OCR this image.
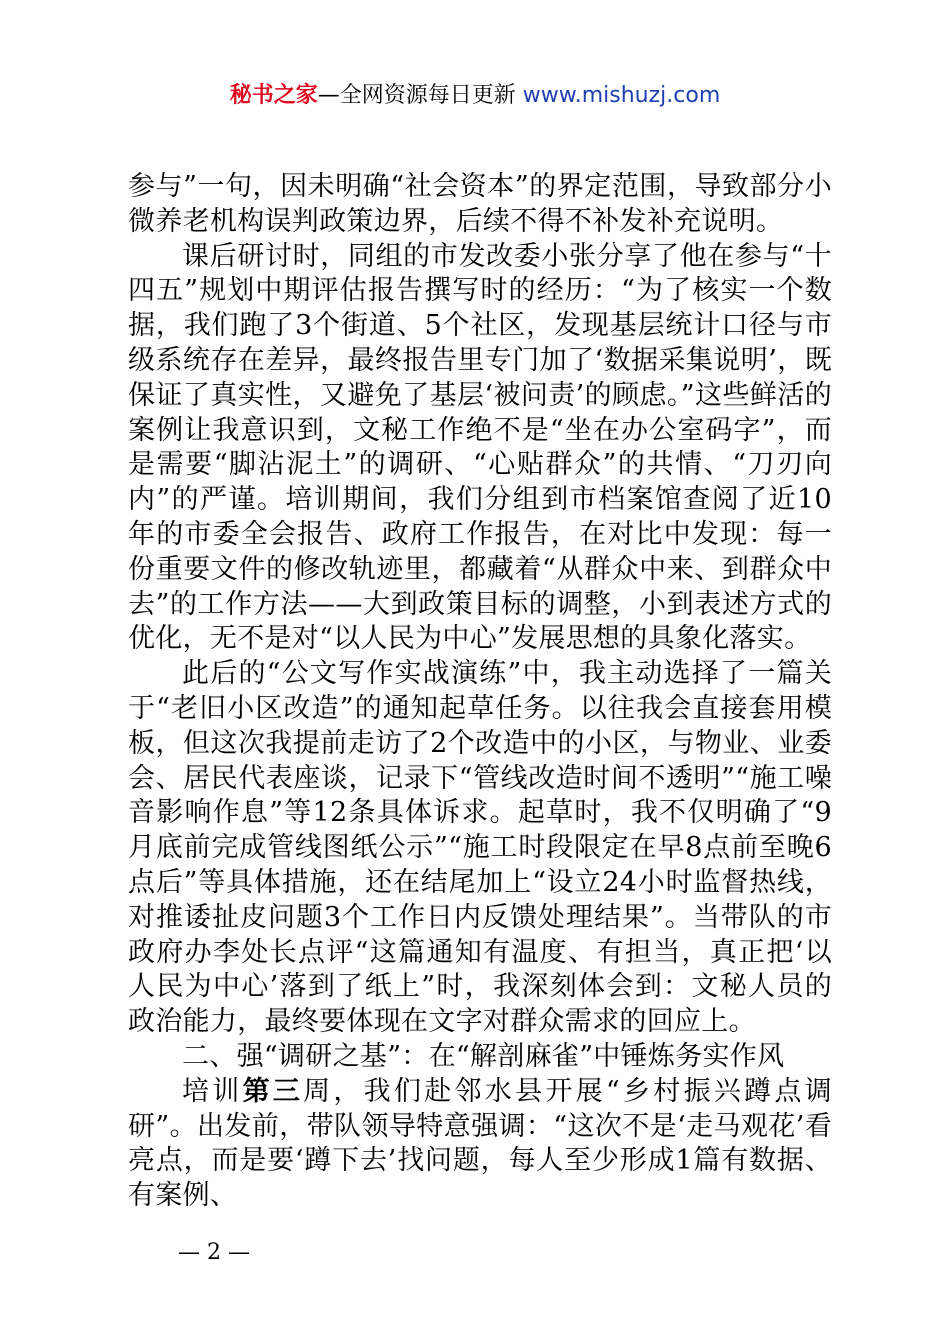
秘书之家—全网资源每日更新 www.mishuzj.com

参与”一句，因未明确“社会资本”的界定范围，导致部分小微养老机构误判政策边界，后续不得不补发补充说明。

课后研讨时，同组的市发改委小张分享了他在参与“十四五”规划中期评估报告撰写时的经历：“为了核实一个数据，我们跑了3个街道、5个社区，发现基层统计口径与市级系统存在差异，最终报告里专门加了‘数据采集说明’，既保证了真实性，又避免了基层‘被问责’的顾虑。”这些鲜活的案例让我意识到，文秘工作绝不是“坐在办公室码字”，而是需要“脚沾泥土”的调研、“心贴群众”的共情、“刀刃向内”的严谨。培训期间，我们分组到市档案馆查阅了近10年的市委全会报告、政府工作报告，在对比中发现：每一份重要文件的修改轨迹里，都藏着“从群众中来、到群众中去”的工作方法——大到政策目标的调整，小到表述方式的优化，无不是对“以人民为中心”发展思想的具象化落实。

此后的“公文写作实战演练”中，我主动选择了一篇关于“老旧小区改造”的通知起草任务。以往我会直接套用模板，但这次我提前走访了2个改造中的小区，与物业、业委会、居民代表座谈，记录下“管线改造时间不透明”“施工噪音影响作息”等12条具体诉求。起草时，我不仅明确了“9月底前完成管线图纸公示”“施工时段限定在早8点前至晚6点后”等具体措施，还在结尾加上“设立24小时监督热线，对推诿扯皮问题3个工作日内反馈处理结果”。当带队的市政府办李处长点评“这篇通知有温度、有担当，真正把‘以人民为中心’落到了纸上”时，我深刻体会到：文秘人员的政治能力，最终要体现在文字对群众需求的回应上。

二、强“调研之基”：在“解剖麻雀”中锤炼务实作风

培训第三周，我们赴邻水县开展“乡村振兴蹲点调研”。出发前，带队领导特意强调：“这次不是‘走马观花’看亮点，而是要‘蹲下去’找问题，每人至少形成1篇有数据、有案例、

— 2 —
